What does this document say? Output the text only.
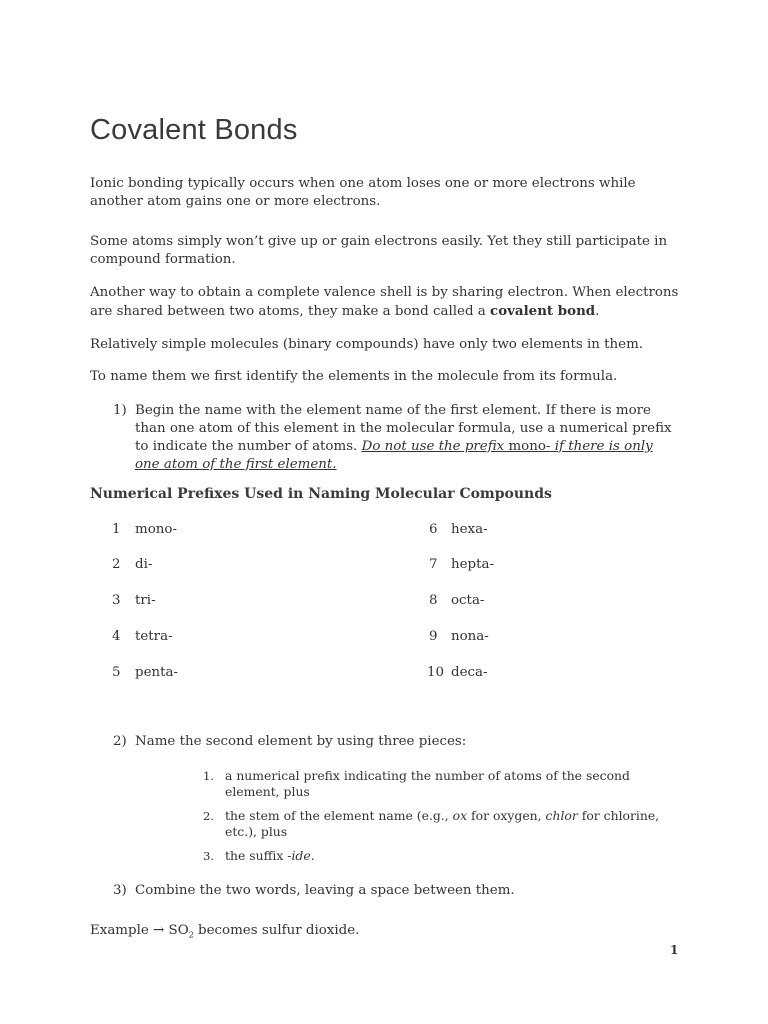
Covalent Bonds

Ionic bonding typically occurs when one atom loses one or more electrons while another atom gains one or more electrons.

Some atoms simply won’t give up or gain electrons easily. Yet they still participate in compound formation.

Another way to obtain a complete valence shell is by sharing electron. When electrons are shared between two atoms, they make a bond called a covalent bond.

Relatively simple molecules (binary compounds) have only two elements in them.

To name them we first identify the elements in the molecule from its formula.

1) Begin the name with the element name of the first element. If there is more than one atom of this element in the molecular formula, use a numerical prefix to indicate the number of atoms. Do not use the prefix mono- if there is only one atom of the first element.

Numerical Prefixes Used in Naming Molecular Compounds
1 mono-
2 di-
3 tri-
4 tetra-
5 penta-
6 hexa-
7 hepta-
8 octa-
9 nona-
10 deca-
2) Name the second element by using three pieces:

1. a numerical prefix indicating the number of atoms of the second element, plus

2. the stem of the element name (e.g., ox for oxygen, chlor for chlorine, etc.), plus

3. the suffix -ide.

3) Combine the two words, leaving a space between them.

Example → $SO_2$ becomes sulfur dioxide.

1
